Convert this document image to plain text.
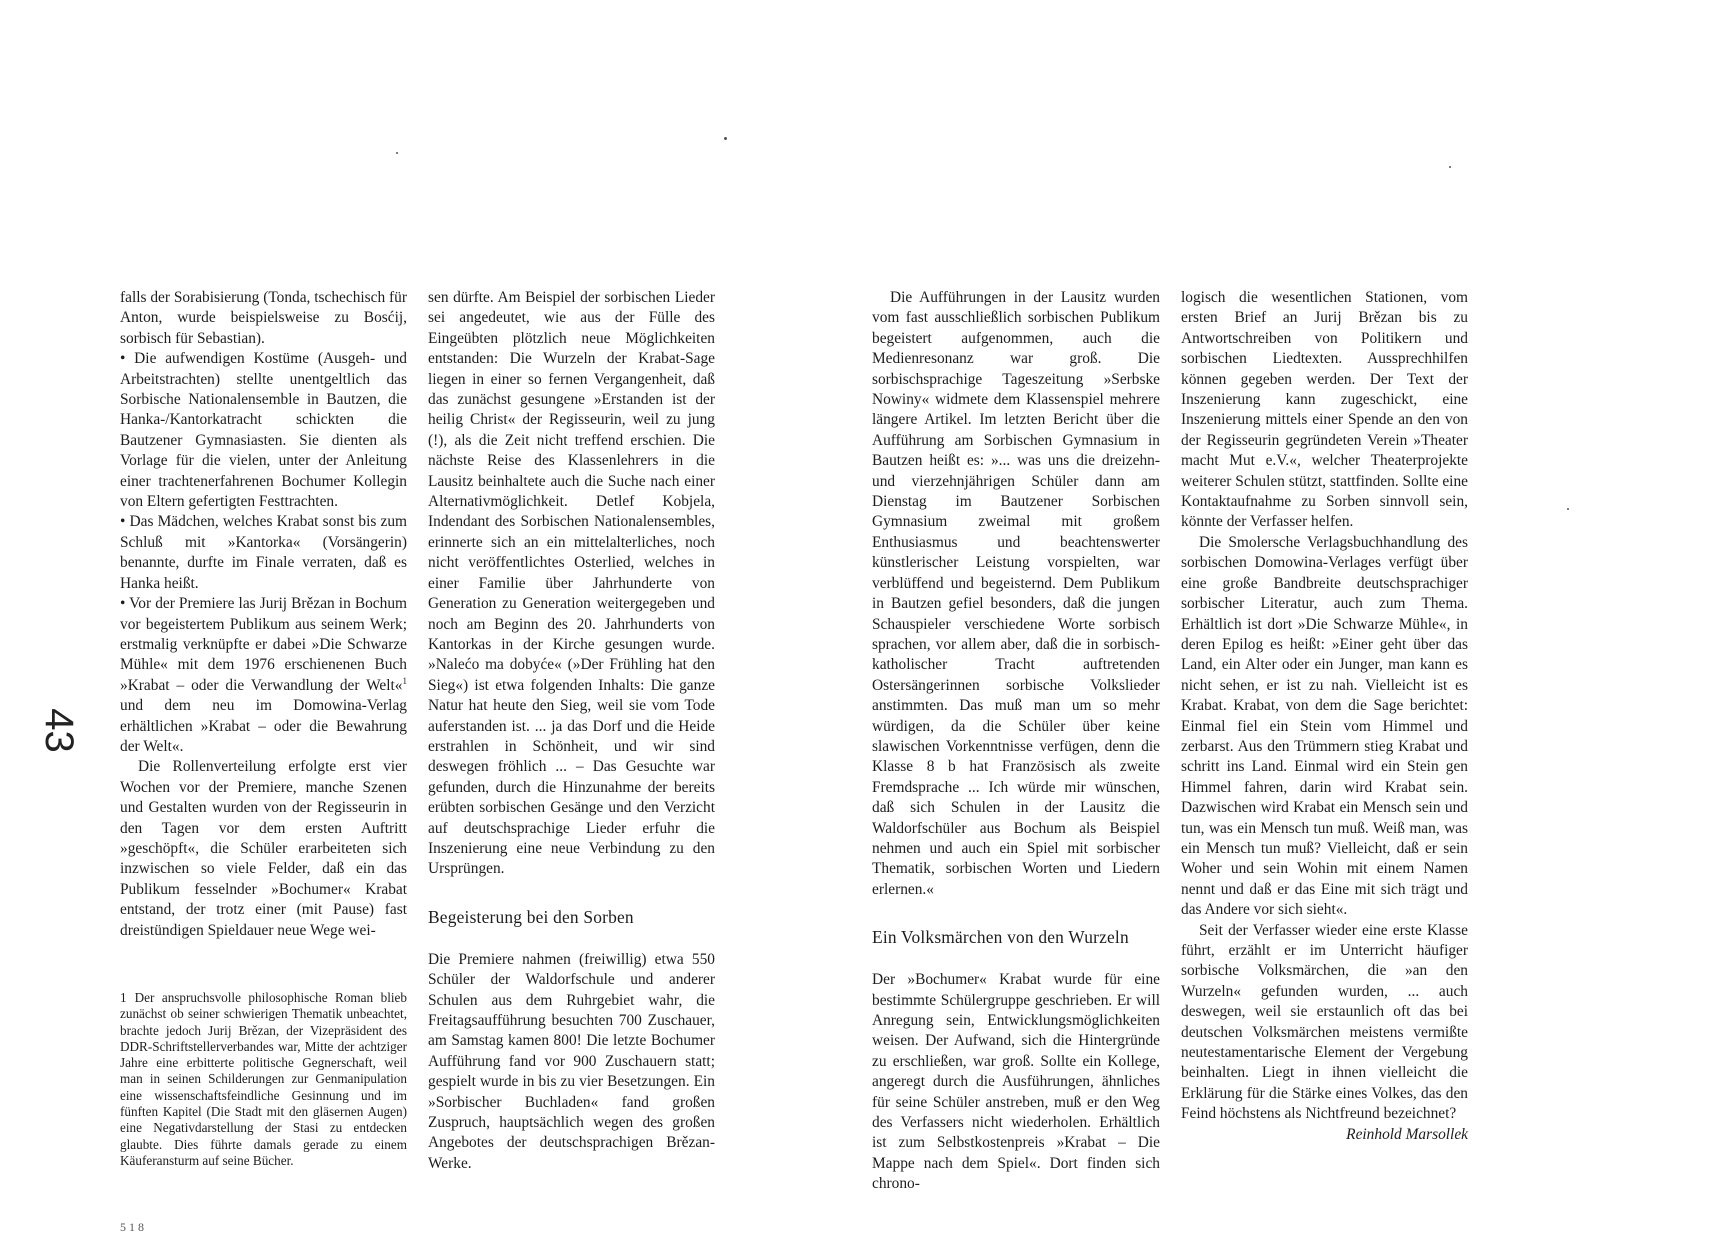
43

falls der Sorabisierung (Tonda, tschechisch für Anton, wurde beispielsweise zu Bosćij, sorbisch für Sebastian).

• Die aufwendigen Kostüme (Ausgeh- und Arbeitstrachten) stellte unentgeltlich das Sorbische Nationalensemble in Bautzen, die Hanka-/Kantorkatracht schickten die Bautzener Gymnasiasten. Sie dienten als Vorlage für die vielen, unter der Anleitung einer trachtenerfahrenen Bochumer Kollegin von Eltern gefertigten Festtrachten.

• Das Mädchen, welches Krabat sonst bis zum Schluß mit »Kantorka« (Vorsängerin) benannte, durfte im Finale verraten, daß es Hanka heißt.

• Vor der Premiere las Jurij Brězan in Bochum vor begeistertem Publikum aus seinem Werk; erstmalig verknüpfte er dabei »Die Schwarze Mühle« mit dem 1976 erschienenen Buch »Krabat – oder die Verwandlung der Welt«$^1$ und dem neu im Domowina-Verlag erhältlichen »Krabat – oder die Bewahrung der Welt«.

Die Rollenverteilung erfolgte erst vier Wochen vor der Premiere, manche Szenen und Gestalten wurden von der Regisseurin in den Tagen vor dem ersten Auftritt »geschöpft«, die Schüler erarbeiteten sich inzwischen so viele Felder, daß ein das Publikum fesselnder »Bochumer« Krabat entstand, der trotz einer (mit Pause) fast dreistündigen Spieldauer neue Wege wei-

1 Der anspruchsvolle philosophische Roman blieb zunächst ob seiner schwierigen Thematik unbeachtet, brachte jedoch Jurij Brězan, der Vizepräsident des DDR-Schriftstellerverbandes war, Mitte der achtziger Jahre eine erbitterte politische Gegnerschaft, weil man in seinen Schilderungen zur Genmanipulation eine wissenschaftsfeindliche Gesinnung und im fünften Kapitel (Die Stadt mit den gläsernen Augen) eine Negativdarstellung der Stasi zu entdecken glaubte. Dies führte damals gerade zu einem Käuferansturm auf seine Bücher.

sen dürfte. Am Beispiel der sorbischen Lieder sei angedeutet, wie aus der Fülle des Eingeübten plötzlich neue Möglichkeiten entstanden: Die Wurzeln der Krabat-Sage liegen in einer so fernen Vergangenheit, daß das zunächst gesungene »Erstanden ist der heilig Christ« der Regisseurin, weil zu jung (!), als die Zeit nicht treffend erschien. Die nächste Reise des Klassenlehrers in die Lausitz beinhaltete auch die Suche nach einer Alternativmöglichkeit. Detlef Kobjela, Indendant des Sorbischen Nationalensembles, erinnerte sich an ein mittelalterliches, noch nicht veröffentlichtes Osterlied, welches in einer Familie über Jahrhunderte von Generation zu Generation weitergegeben und noch am Beginn des 20. Jahrhunderts von Kantorkas in der Kirche gesungen wurde. »Nalećo ma dobyće« (»Der Frühling hat den Sieg«) ist etwa folgenden Inhalts: Die ganze Natur hat heute den Sieg, weil sie vom Tode auferstanden ist. ... ja das Dorf und die Heide erstrahlen in Schönheit, und wir sind deswegen fröhlich ... – Das Gesuchte war gefunden, durch die Hinzunahme der bereits erübten sorbischen Gesänge und den Verzicht auf deutschsprachige Lieder erfuhr die Inszenierung eine neue Verbindung zu den Ursprüngen.

Begeisterung bei den Sorben

Die Premiere nahmen (freiwillig) etwa 550 Schüler der Waldorfschule und anderer Schulen aus dem Ruhrgebiet wahr, die Freitagsaufführung besuchten 700 Zuschauer, am Samstag kamen 800! Die letzte Bochumer Aufführung fand vor 900 Zuschauern statt; gespielt wurde in bis zu vier Besetzungen. Ein »Sorbischer Buchladen« fand großen Zuspruch, hauptsächlich wegen des großen Angebotes der deutschsprachigen Brězan-Werke.

Die Aufführungen in der Lausitz wurden vom fast ausschließlich sorbischen Publikum begeistert aufgenommen, auch die Medienresonanz war groß. Die sorbischsprachige Tageszeitung »Serbske Nowiny« widmete dem Klassenspiel mehrere längere Artikel. Im letzten Bericht über die Aufführung am Sorbischen Gymnasium in Bautzen heißt es: »... was uns die dreizehn- und vierzehnjährigen Schüler dann am Dienstag im Bautzener Sorbischen Gymnasium zweimal mit großem Enthusiasmus und beachtenswerter künstlerischer Leistung vorspielten, war verblüffend und begeisternd. Dem Publikum in Bautzen gefiel besonders, daß die jungen Schauspieler verschiedene Worte sorbisch sprachen, vor allem aber, daß die in sorbisch-katholischer Tracht auftretenden Ostersängerinnen sorbische Volkslieder anstimmten. Das muß man um so mehr würdigen, da die Schüler über keine slawischen Vorkenntnisse verfügen, denn die Klasse 8 b hat Französisch als zweite Fremdsprache ... Ich würde mir wünschen, daß sich Schulen in der Lausitz die Waldorfschüler aus Bochum als Beispiel nehmen und auch ein Spiel mit sorbischer Thematik, sorbischen Worten und Liedern erlernen.«

Ein Volksmärchen von den Wurzeln

Der »Bochumer« Krabat wurde für eine bestimmte Schülergruppe geschrieben. Er will Anregung sein, Entwicklungsmöglichkeiten weisen. Der Aufwand, sich die Hintergründe zu erschließen, war groß. Sollte ein Kollege, angeregt durch die Ausführungen, ähnliches für seine Schüler anstreben, muß er den Weg des Verfassers nicht wiederholen. Erhältlich ist zum Selbstkostenpreis »Krabat – Die Mappe nach dem Spiel«. Dort finden sich chrono-

logisch die wesentlichen Stationen, vom ersten Brief an Jurij Brězan bis zu Antwortschreiben von Politikern und sorbischen Liedtexten. Aussprechhilfen können gegeben werden. Der Text der Inszenierung kann zugeschickt, eine Inszenierung mittels einer Spende an den von der Regisseurin gegründeten Verein »Theater macht Mut e.V.«, welcher Theaterprojekte weiterer Schulen stützt, stattfinden. Sollte eine Kontaktaufnahme zu Sorben sinnvoll sein, könnte der Verfasser helfen.

Die Smolersche Verlagsbuchhandlung des sorbischen Domowina-Verlages verfügt über eine große Bandbreite deutschsprachiger sorbischer Literatur, auch zum Thema. Erhältlich ist dort »Die Schwarze Mühle«, in deren Epilog es heißt: »Einer geht über das Land, ein Alter oder ein Junger, man kann es nicht sehen, er ist zu nah. Vielleicht ist es Krabat. Krabat, von dem die Sage berichtet: Einmal fiel ein Stein vom Himmel und zerbarst. Aus den Trümmern stieg Krabat und schritt ins Land. Einmal wird ein Stein gen Himmel fahren, darin wird Krabat sein. Dazwischen wird Krabat ein Mensch sein und tun, was ein Mensch tun muß. Weiß man, was ein Mensch tun muß? Vielleicht, daß er sein Woher und sein Wohin mit einem Namen nennt und daß er das Eine mit sich trägt und das Andere vor sich sieht«.

Seit der Verfasser wieder eine erste Klasse führt, erzählt er im Unterricht häufiger sorbische Volksmärchen, die »an den Wurzeln« gefunden wurden, ... auch deswegen, weil sie erstaunlich oft das bei deutschen Volksmärchen meistens vermißte neutestamentarische Element der Vergebung beinhalten. Liegt in ihnen vielleicht die Erklärung für die Stärke eines Volkes, das den Feind höchstens als Nichtfreund bezeichnet?

Reinhold Marsollek

5 1 8
